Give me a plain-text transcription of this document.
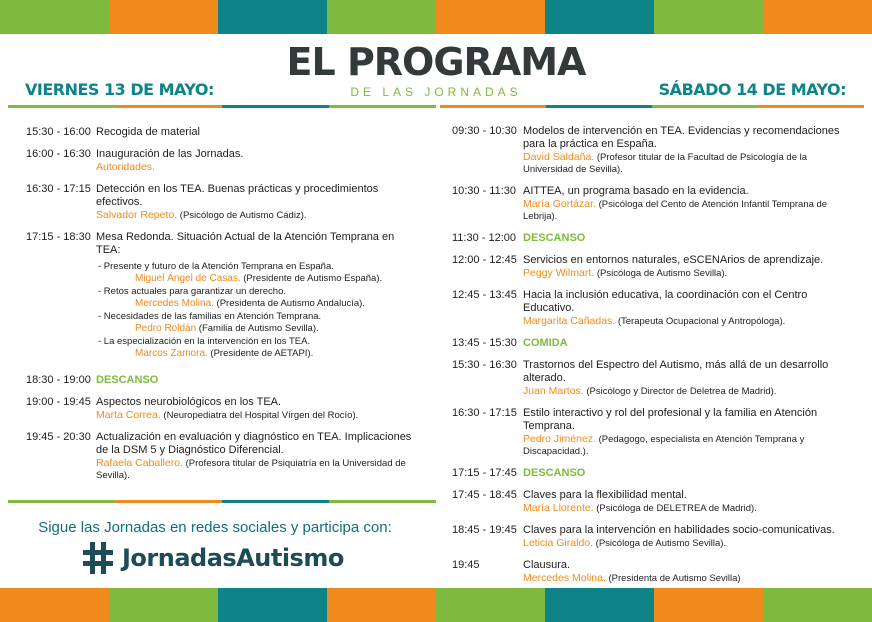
EL PROGRAMA
DE LAS JORNADAS
VIERNES 13 DE MAYO:	SÁBADO 14 DE MAYO:
15:30 - 16:00 Recogida de material
16:00 - 16:30 Inauguración de las Jornadas.
Autoridades.
16:30 - 17:15 Detección en los TEA. Buenas prácticas y procedimientos efectivos.
Salvador Repeto. (Psicólogo de Autismo Cádiz).
17:15 - 18:30 Mesa Redonda. Situación Actual de la Atención Temprana en TEA:
- Presente y futuro de la Atención Temprana en España.
Miguel Ángel de Casas. (Presidente de Autismo España).
- Retos actuales para garantizar un derecho.
Mercedes Molina. (Presidenta de Autismo Andalucía).
- Necesidades de las familias en Atención Temprana.
Pedro Roldán (Familia de Autismo Sevilla).
- La especialización en la intervención en los TEA.
Marcos Zamora. (Presidente de AETAPI).
18:30 - 19:00 DESCANSO
19:00 - 19:45 Aspectos neurobiológicos en los TEA.
Marta Correa. (Neuropediatra del Hospital Vírgen del Rocío).
19:45 - 20:30 Actualización en evaluación y diagnóstico en TEA. Implicaciones de la DSM 5 y Diagnóstico Diferencial.
Rafaela Caballero. (Profesora titular de Psiquiatría en la Universidad de Sevilla).
Sigue las Jornadas en redes sociales y participa con:
JornadasAutismo
09:30 - 10:30 Modelos de intervención en TEA. Evidencias y recomendaciones para la práctica en España.
David Saldaña. (Profesor titular de la Facultad de Psicología de la Universidad de Sevilla).
10:30 - 11:30 AITTEA, un programa basado en la evidencia.
María Gortázar. (Psicóloga del Cento de Atención Infantil Temprana de Lebrija).
11:30 - 12:00 DESCANSO
12:00 - 12:45 Servicios en entornos naturales, eSCENArios de aprendizaje.
Peggy Wilmart. (Psicóloga de Autismo Sevilla).
12:45 - 13:45 Hacia la inclusión educativa, la coordinación con el Centro Educativo.
Margarita Cañadas. (Terapeuta Ocupacional y Antropóloga).
13:45 - 15:30 COMIDA
15:30 - 16:30 Trastornos del Espectro del Autismo, más allá de un desarrollo alterado.
Juan Martos. (Psicólogo y Director de Deletrea de Madrid).
16:30 - 17:15 Estilo interactivo y rol del profesional y la familia en Atención Temprana.
Pedro Jiménez. (Pedagogo, especialista en Atención Temprana y Discapacidad.).
17:15 - 17:45 DESCANSO
17:45 - 18:45 Claves para la flexibilidad mental.
María Llorente. (Psicóloga de DELETREA de Madrid).
18:45 - 19:45 Claves para la intervención en habilidades socio-comunicativas.
Leticia Giraldo. (Psicóloga de Autismo Sevilla).
19:45	Clausura.
Mercedes Molina. (Presidenta de Autismo Sevilla)
